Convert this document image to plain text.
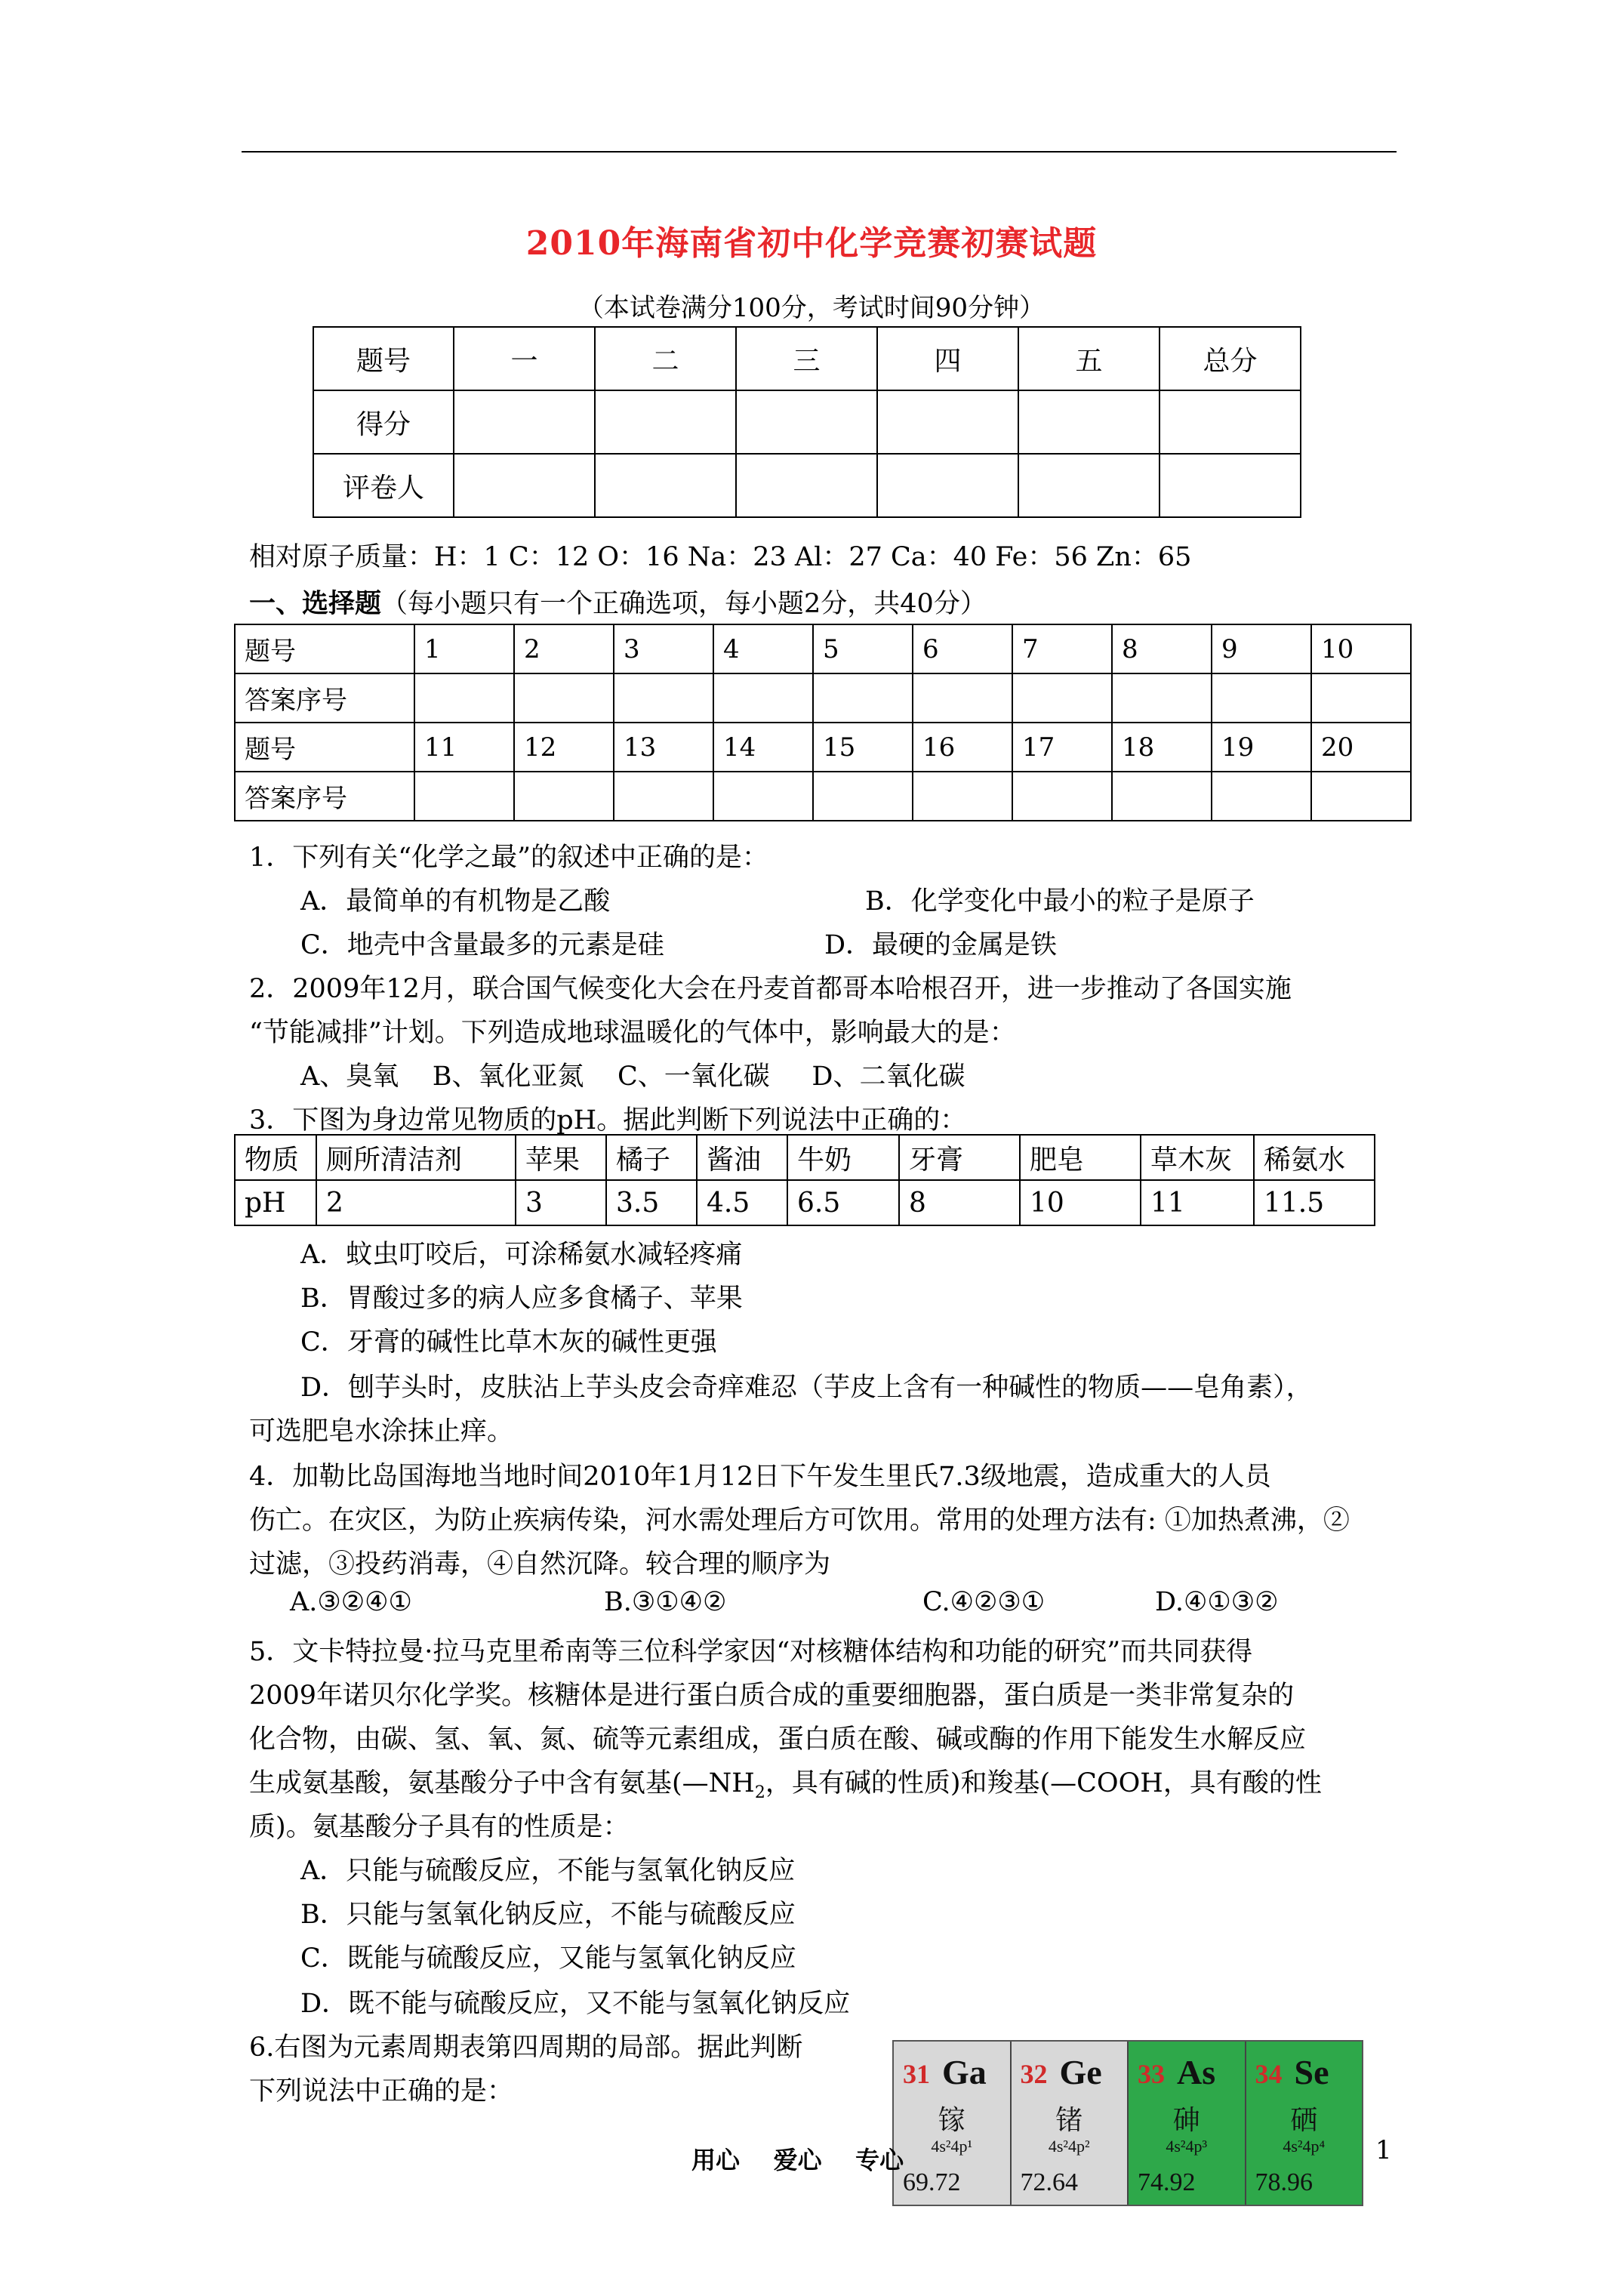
2010年海南省初中化学竞赛初赛试题
（本试卷满分100分，考试时间90分钟）
题号	一	二	三	四	五	总分
得分						
评卷人						
相对原子质量：H：1 C：12 O：16 Na：23 Al：27 Ca：40 Fe：56 Zn：65
一、选择题（每小题只有一个正确选项，每小题2分，共40分）
题号	1	2	3	4	5	6	7	8	9	10
答案序号										
题号	11	12	13	14	15	16	17	18	19	20
答案序号										
1．下列有关“化学之最”的叙述中正确的是：
A．最简单的有机物是乙酸	B．化学变化中最小的粒子是原子
C．地壳中含量最多的元素是硅	D．最硬的金属是铁
2．2009年12月，联合国气候变化大会在丹麦首都哥本哈根召开，进一步推动了各国实施
“节能减排”计划。下列造成地球温暖化的气体中，影响最大的是：
A、臭氧    B、氧化亚氮    C、一氧化碳     D、二氧化碳
3．下图为身边常见物质的pH。据此判断下列说法中正确的：
物质	厕所清洁剂	苹果	橘子	酱油	牛奶	牙膏	肥皂	草木灰	稀氨水
pH	2	3	3.5	4.5	6.5	8	10	11	11.5
A．蚊虫叮咬后，可涂稀氨水减轻疼痛
B．胃酸过多的病人应多食橘子、苹果
C．牙膏的碱性比草木灰的碱性更强
D．刨芋头时，皮肤沾上芋头皮会奇痒难忍（芋皮上含有一种碱性的物质——皂角素），
可选肥皂水涂抹止痒。
4．加勒比岛国海地当地时间2010年1月12日下午发生里氏7.3级地震，造成重大的人员
伤亡。在灾区，为防止疾病传染，河水需处理后方可饮用。常用的处理方法有: ①加热煮沸，②
过滤，③投药消毒，④自然沉降。较合理的顺序为
A.③②④①	B.③①④②	C.④②③①	D.④①③②
5．文卡特拉曼·拉马克里希南等三位科学家因“对核糖体结构和功能的研究”而共同获得
2009年诺贝尔化学奖。核糖体是进行蛋白质合成的重要细胞器，蛋白质是一类非常复杂的
化合物，由碳、氢、氧、氮、硫等元素组成，蛋白质在酸、碱或酶的作用下能发生水解反应
生成氨基酸，氨基酸分子中含有氨基($—NH_2$，具有碱的性质)和羧基(—COOH，具有酸的性
质)。氨基酸分子具有的性质是：
A．只能与硫酸反应，不能与氢氧化钠反应
B．只能与氢氧化钠反应，不能与硫酸反应
C．既能与硫酸反应，又能与氢氧化钠反应
D．既不能与硫酸反应，又不能与氢氧化钠反应
6.右图为元素周期表第四周期的局部。据此判断
下列说法中正确的是：
31 Ga
镓
4s²4p¹
69.72
32 Ge
锗
4s²4p²
72.64
33 As
砷
4s²4p³
74.92
34 Se
硒
4s²4p⁴
78.96
用心    爱心    专心	1
